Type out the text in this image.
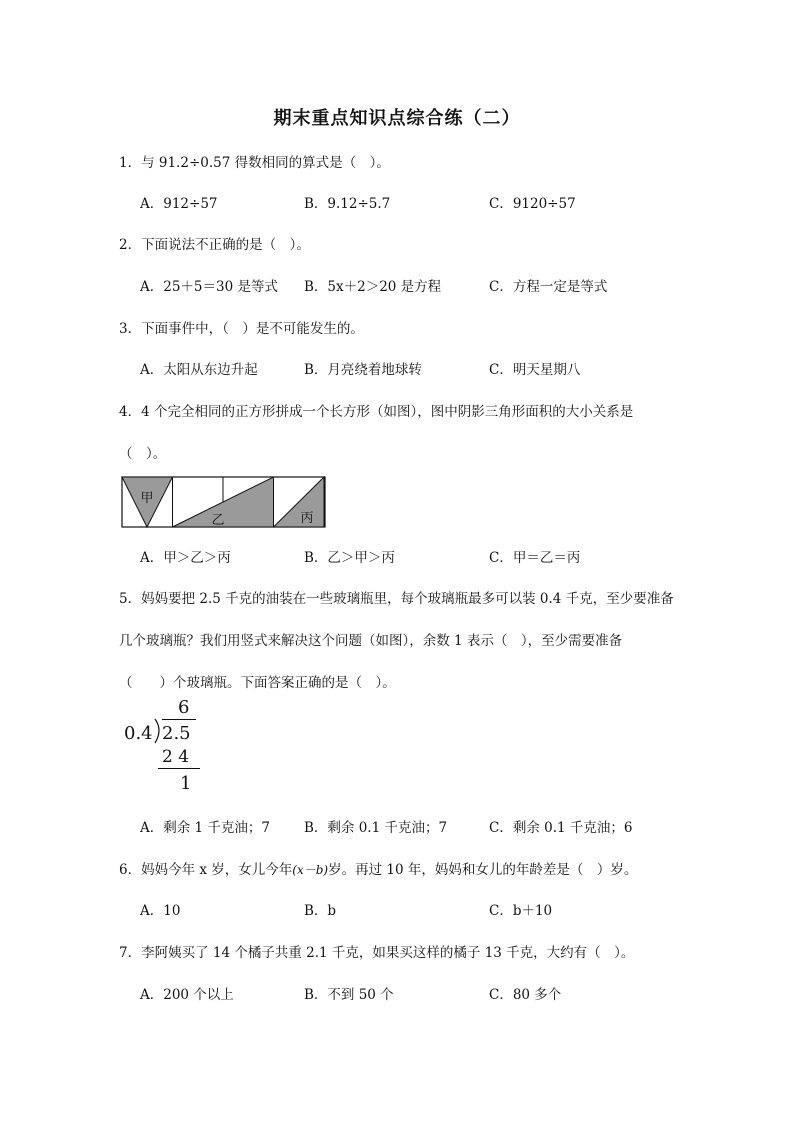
期末重点知识点综合练（二）
1．与 91.2÷0.57 得数相同的算式是（　）。
A．912÷57	B．9.12÷5.7	C．9120÷57
2．下面说法不正确的是（　）。
A．25＋5＝30 是等式 B．5x＋2＞20 是方程	C．方程一定是等式
3．下面事件中，（　）是不可能发生的。
A．太阳从东边升起	B．月亮绕着地球转	C．明天星期八
4．4 个完全相同的正方形拼成一个长方形（如图），图中阴影三角形面积的大小关系是
（　）。
甲
乙	丙
A．甲＞乙＞丙	B．乙＞甲＞丙	C．甲＝乙＝丙
5．妈妈要把 2.5 千克的油装在一些玻璃瓶里，每个玻璃瓶最多可以装 0.4 千克，至少要准备
几个玻璃瓶？我们用竖式来解决这个问题（如图），余数 1 表示（　），至少需要准备
（　　）个玻璃瓶。下面答案正确的是（　）。
6
0.4 2.5
2 4
1
A．剩余 1 千克油；7	B．剩余 0.1 千克油；7	C．剩余 0.1 千克油；6
6．妈妈今年 x 岁，女儿今年(x－b)岁。再过 10 年，妈妈和女儿的年龄差是（　）岁。
A．10	B．b	C．b＋10
7．李阿姨买了 14 个橘子共重 2.1 千克，如果买这样的橘子 13 千克，大约有（　）。
A．200 个以上	B．不到 50 个	C．80 多个
